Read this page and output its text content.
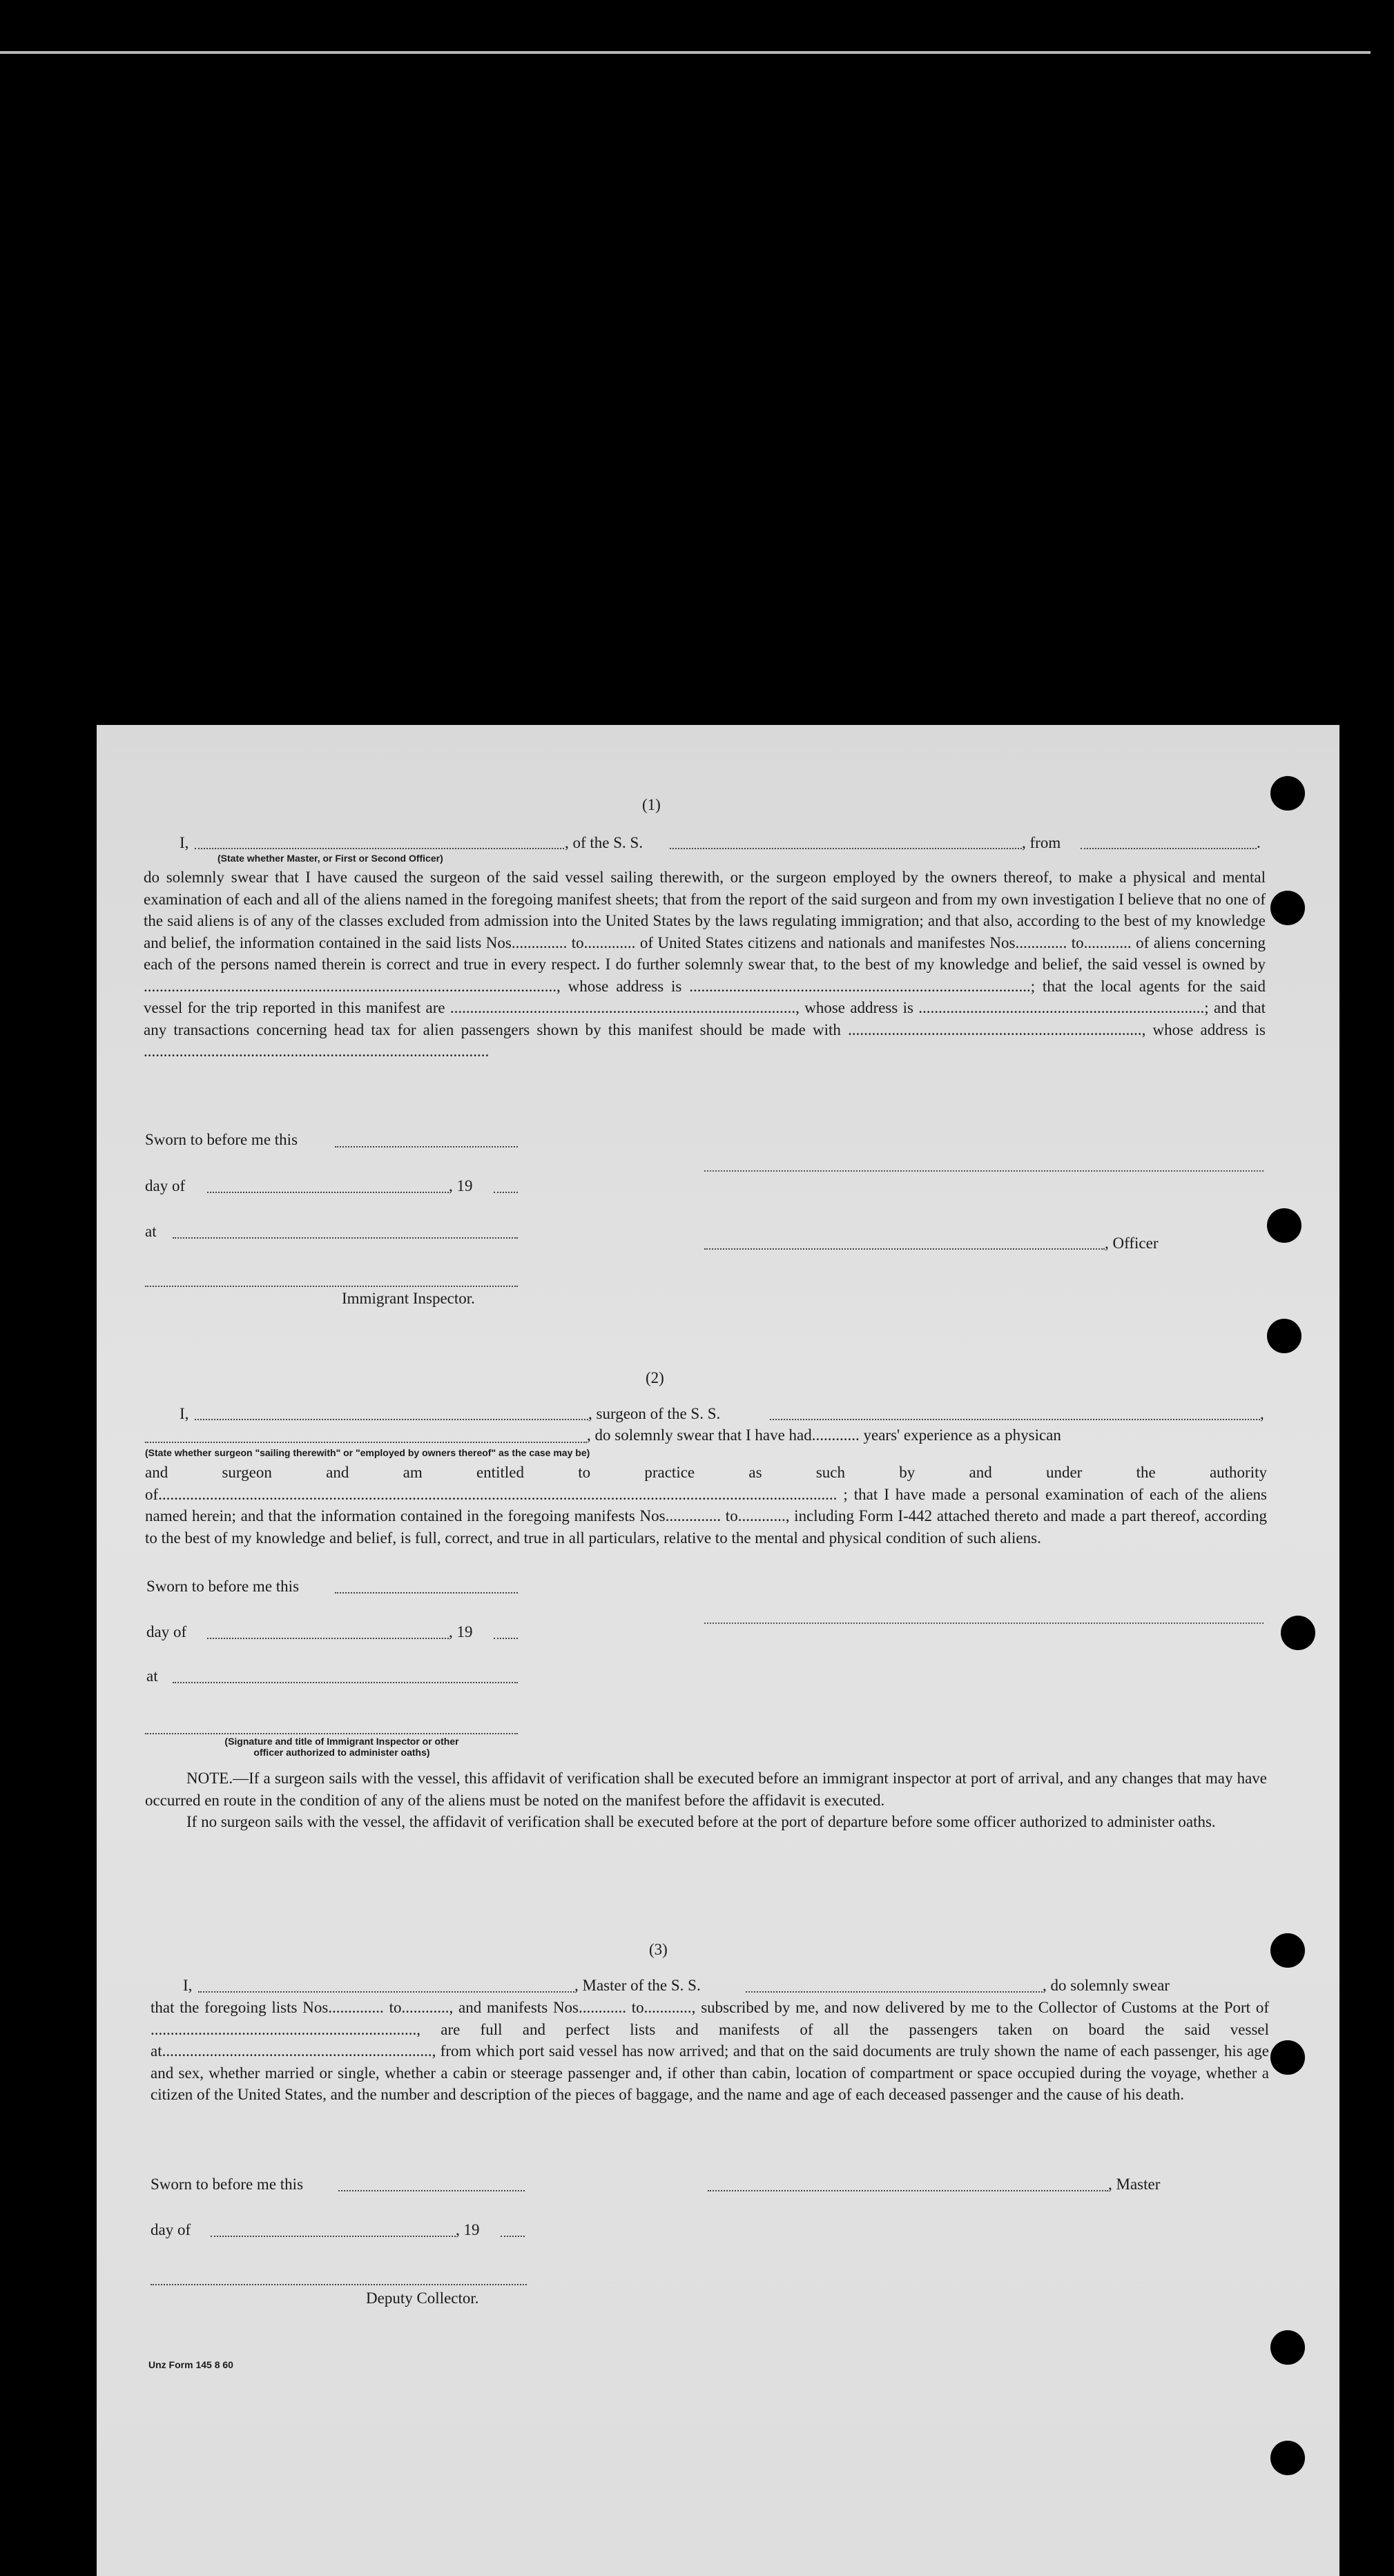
(1)
I,	, of the S. S.	, from	.
(State whether Master, or First or Second Officer)

do solemnly swear that I have caused the surgeon of the said vessel sailing therewith, or the surgeon employed by the owners thereof, to make a physical and mental examination of each and all of the aliens named in the foregoing manifest sheets; that from the report of the said surgeon and from my own investigation I believe that no one of the said aliens is of any of the classes excluded from admission into the United States by the laws regulating immigration; and that also, according to the best of my knowledge and belief, the information contained in the said lists Nos.............. to............. of United States citizens and nationals and manifestes Nos............. to............ of aliens concerning each of the persons named therein is correct and true in every respect. I do further solemnly swear that, to the best of my knowledge and belief, the said vessel is owned by ........................................................................................................, whose address is ......................................................................................; that the local agents for the said vessel for the trip reported in this manifest are ......................................................................................., whose address is ........................................................................; and that any transactions concerning head tax for alien passengers shown by this manifest should be made with .........................................................................., whose address is .......................................................................................

Sworn to before me this
day of	, 19
at
, Officer
Immigrant Inspector.
(2)
I,	, surgeon of the S. S.	,
, do solemnly swear that I have had............ years' experience as a physican
(State whether surgeon "sailing therewith" or "employed by owners thereof" as the case may be)

and surgeon and am entitled to practice as such by and under the authority of........................................................................................................................................................................... ; that I have made a personal examination of each of the aliens named herein; and that the information contained in the foregoing manifests Nos.............. to............, including Form I-442 attached thereto and made a part thereof, according to the best of my knowledge and belief, is full, correct, and true in all particulars, relative to the mental and physical condition of such aliens.

Sworn to before me this
day of	, 19
at
(Signature and title of Immigrant Inspector or other
officer authorized to administer oaths)

NOTE.—If a surgeon sails with the vessel, this affidavit of verification shall be executed before an immigrant inspector at port of arrival, and any changes that may have occurred en route in the condition of any of the aliens must be noted on the manifest before the affidavit is executed.

If no surgeon sails with the vessel, the affidavit of verification shall be executed before at the port of departure before some officer authorized to administer oaths.

(3)
I,	, Master of the S. S.	, do solemnly swear

that the foregoing lists Nos.............. to............, and manifests Nos............ to............, subscribed by me, and now delivered by me to the Collector of Customs at the Port of ..................................................................., are full and perfect lists and manifests of all the passengers taken on board the said vessel at...................................................................., from which port said vessel has now arrived; and that on the said documents are truly shown the name of each passenger, his age and sex, whether married or single, whether a cabin or steerage passenger and, if other than cabin, location of compartment or space occupied during the voyage, whether a citizen of the United States, and the number and description of the pieces of baggage, and the name and age of each deceased passenger and the cause of his death.

Sworn to before me this	, Master
day of	, 19
Deputy Collector.
Unz Form 145 8 60
